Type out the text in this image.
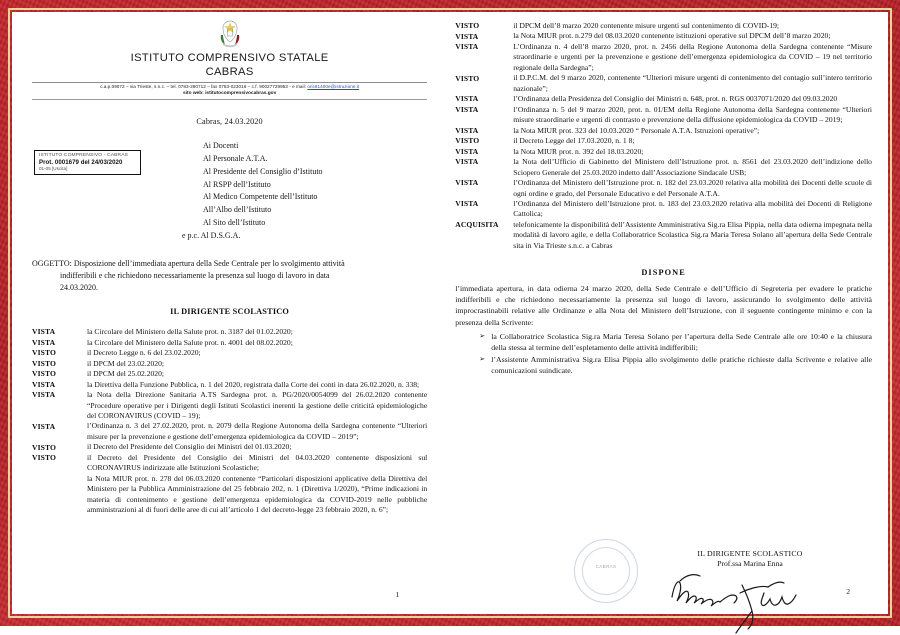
ISTITUTO COMPRENSIVO STATALE
CABRAS
c.a.p.09072 – via Trieste, s.n.c. – tel. 0783-290712 – fax 0783-023016 – c.f. 90027729953 - e mail: oric81400e@istruzione.it
sito web: istitutocomprensivocabras.gov
Cabras, 24.03.2020
ISTITUTO COMPRENSIVO - CABRAS
Prot. 0001679 del 24/03/2020
01-05 [Uscita]
Ai Docenti
Al Personale A.T.A.
Al Presidente del Consiglio d’Istituto
Al RSPP dell’Istituto
Al Medico Competente dell’Istituto
All’Albo dell’Istituto
Al Sito dell’Istituto
e p.c. Al D.S.G.A.
OGGETTO: Disposizione dell’immediata apertura della Sede Centrale per lo svolgimento attività
indifferibili e che richiedono necessariamente la presenza sul luogo di lavoro in data
24.03.2020.
IL DIRIGENTE SCOLASTICO
VISTA	la Circolare del Ministero della Salute prot. n. 3187 del 01.02.2020;
VISTA	la Circolare del Ministero della Salute prot. n. 4001 del 08.02.2020;
VISTO	il Decreto Legge n. 6 del 23.02.2020;
VISTO	il DPCM del 23.02.2020;
VISTO	il DPCM del 25.02.2020;
VISTA	la Direttiva della Funzione Pubblica, n. 1 del 2020, registrata dalla Corte dei conti in data 26.02.2020, n. 338;
VISTA	la Nota della Direzione Sanitaria A.TS Sardegna prot. n. PG/2020/0054099 del 26.02.2020 contenente “Procedure operative per i Dirigenti degli Istituti Scolastici inerenti la gestione delle criticità epidemiologiche del CORONAVIRUS (COVID – 19);
VISTA	l’Ordinanza n. 3 del 27.02.2020, prot. n. 2079 della Regione Autonoma della Sardegna contenente “Ulteriori misure per la prevenzione e gestione dell’emergenza epidemiologica da COVID – 2019”;
VISTO	il Decreto del Presidente del Consiglio dei Ministri del 01.03.2020;
VISTO	il Decreto del Presidente del Consiglio dei Ministri del 04.03.2020 contenente disposizioni sul CORONAVIRUS indirizzate alle Istituzioni Scolastiche;
la Nota MIUR prot. n. 278 del 06.03.2020 contenente “Particolari disposizioni applicative della Direttiva del Ministero per la Pubblica Amministrazione del 25 febbraio 202, n. 1 (Direttiva 1/2020), “Prime indicazioni in materia di contenimento e gestione dell’emergenza epidemiologica da COVID-2019 nelle pubbliche amministrazioni al di fuori delle aree di cui all’articolo 1 del decreto-legge 23 febbraio 2020, n. 6”;
1
VISTO	il DPCM dell’8 marzo 2020 contenente misure urgenti sul contenimento di COVID-19;
VISTA	la Nota MIUR prot. n.279 del 08.03.2020 contenente istituzioni operative sul DPCM dell’8 marzo 2020;
VISTA	L’Ordinanza n. 4 dell’8 marzo 2020, prot. n. 2456 della Regione Autonoma della Sardegna contenente “Misure straordinarie e urgenti per la prevenzione e gestione dell’emergenza epidemiologica da COVID – 19 nel territorio regionale della Sardegna”;
VISTO	il D.P.C.M. del 9 marzo 2020, contenente “Ulteriori misure urgenti di contenimento del contagio sull’intero territorio nazionale”;
VISTA	l’Ordinanza della Presidenza del Consiglio dei Ministri n. 648, prot. n. RGS 0037071/2020 del 09.03.2020
VISTA	l’Ordinanza n. 5 del 9 marzo 2020, prot. n. 01/EM della Regione Autonoma della Sardegna contenente “Ulteriori misure straordinarie e urgenti di contrasto e prevenzione della diffusione epidemiologica da COVID – 2019;
VISTA	la Nota MIUR prot. 323 del 10.03.2020 “ Personale A.T.A. Istruzioni operative”;
VISTO	il Decreto Legge del 17.03.2020, n. 1 8;
VISTA	la Nota MIUR prot. n. 392 del 18.03.2020;
VISTA	la Nota dell’Ufficio di Gabinetto del Ministero dell’Istruzione prot. n. 8561 del 23.03.2020 dell’indizione dello Sciopero Generale del 25.03.2020 indetto dall’Associazione Sindacale USB;
VISTA	l’Ordinanza del Ministero dell’Istruzione prot. n. 182 del 23.03.2020 relativa alla mobilità dei Docenti delle scuole di ogni ordine e grado, del Personale Educativo e del Personale A.T.A.
VISTA	l’Ordinanza del Ministero dell’Istruzione prot. n. 183 del 23.03.2020 relativa alla mobilità dei Docenti di Religione Cattolica;
ACQUISITA	telefonicamente la disponibilità dell’Assistente Amministrativa Sig.ra Elisa Pippia, nella data odierna impegnata nella modalità di lavoro agile, e della Collaboratrice Scolastica Sig.ra Maria Teresa Solano all’apertura della Sede Centrale sita in Via Trieste s.n.c. a Cabras
DISPONE
l’immediata apertura, in data odierna 24 marzo 2020, della Sede Centrale e dell’Ufficio di Segreteria per evadere le pratiche indifferibili e che richiedono necessariamente la presenza sul luogo di lavoro, assicurando lo svolgimento delle attività improcrastinabili relative alle Ordinanze e alla Nota del Ministero dell’Istruzione, con il seguente contingente minimo e con la presenza della Scrivente:
➢ la Collaboratrice Scolastica Sig.ra Maria Teresa Solano per l’apertura della Sede Centrale alle ore 10:40 e la chiusura della stessa al termine dell’espletamento delle attività indifferibili;
➢ l’Assistente Amministrativa Sig.ra Elisa Pippia allo svolgimento delle pratiche richieste dalla Scrivente e relative alle comunicazioni suindicate.
CABRAS
IL DIRIGENTE SCOLASTICO
Prof.ssa Marina Enna
2
